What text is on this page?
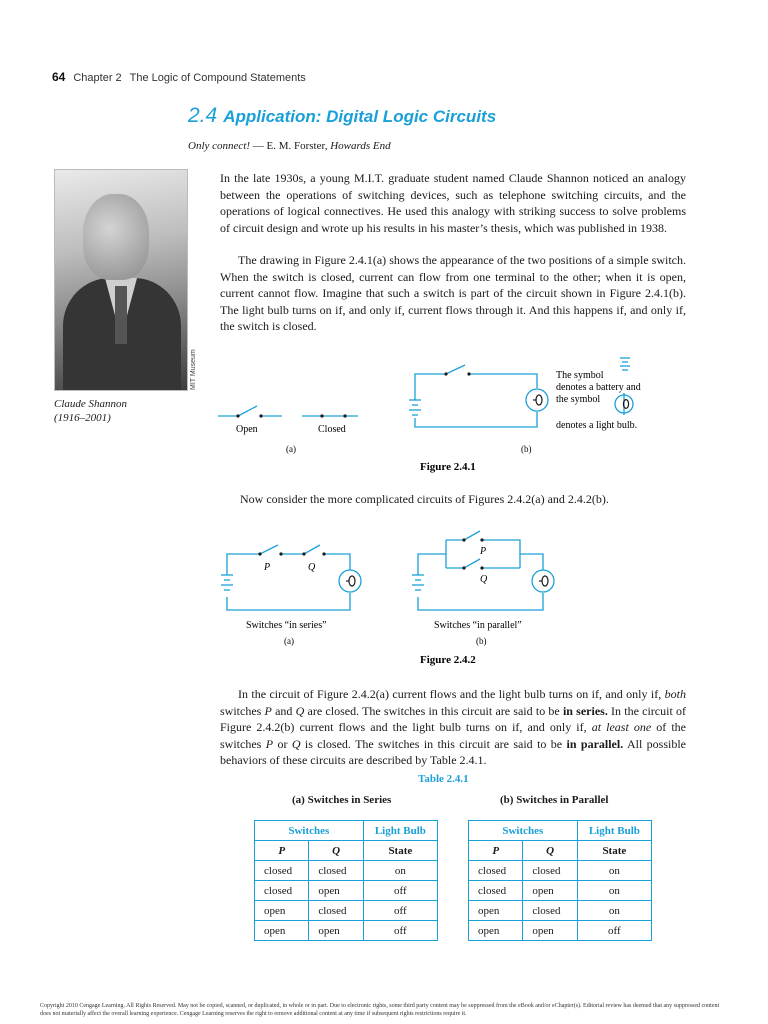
64 Chapter 2 The Logic of Compound Statements
2.4 Application: Digital Logic Circuits
Only connect! — E. M. Forster, Howards End
MIT Museum
Claude Shannon
(1916–2001)
In the late 1930s, a young M.I.T. graduate student named Claude Shannon noticed an analogy between the operations of switching devices, such as telephone switching circuits, and the operations of logical connectives. He used this analogy with striking success to solve problems of circuit design and wrote up his results in his master’s thesis, which was published in 1938.
The drawing in Figure 2.4.1(a) shows the appearance of the two positions of a simple switch. When the switch is closed, current can flow from one terminal to the other; when it is open, current cannot flow. Imagine that such a switch is part of the circuit shown in Figure 2.4.1(b). The light bulb turns on if, and only if, current flows through it. And this happens if, and only if, the switch is closed.
Open	Closed
(a)	(b)
The symbol
denotes a battery and
the symbol
denotes a light bulb.
Figure 2.4.1
Now consider the more complicated circuits of Figures 2.4.2(a) and 2.4.2(b).
P	Q
P
Q
Switches “in series”	Switches “in parallel”
(a)	(b)
Figure 2.4.2
In the circuit of Figure 2.4.2(a) current flows and the light bulb turns on if, and only if, both switches P and Q are closed. The switches in this circuit are said to be in series. In the circuit of Figure 2.4.2(b) current flows and the light bulb turns on if, and only if, at least one of the switches P or Q is closed. The switches in this circuit are said to be in parallel. All possible behaviors of these circuits are described by Table 2.4.1.
Table 2.4.1
(a) Switches in Series	(b) Switches in Parallel
Switches		Light Bulb
P	Q	State
closed	closed	on
closed	open	off
open	closed	off
open	open	off
Switches		Light Bulb
P	Q	State
closed	closed	on
closed	open	on
open	closed	on
open	open	off
Copyright 2010 Cengage Learning. All Rights Reserved. May not be copied, scanned, or duplicated, in whole or in part. Due to electronic rights, some third party content may be suppressed from the eBook and/or eChapter(s). Editorial review has deemed that any suppressed content does not materially affect the overall learning experience. Cengage Learning reserves the right to remove additional content at any time if subsequent rights restrictions require it.
